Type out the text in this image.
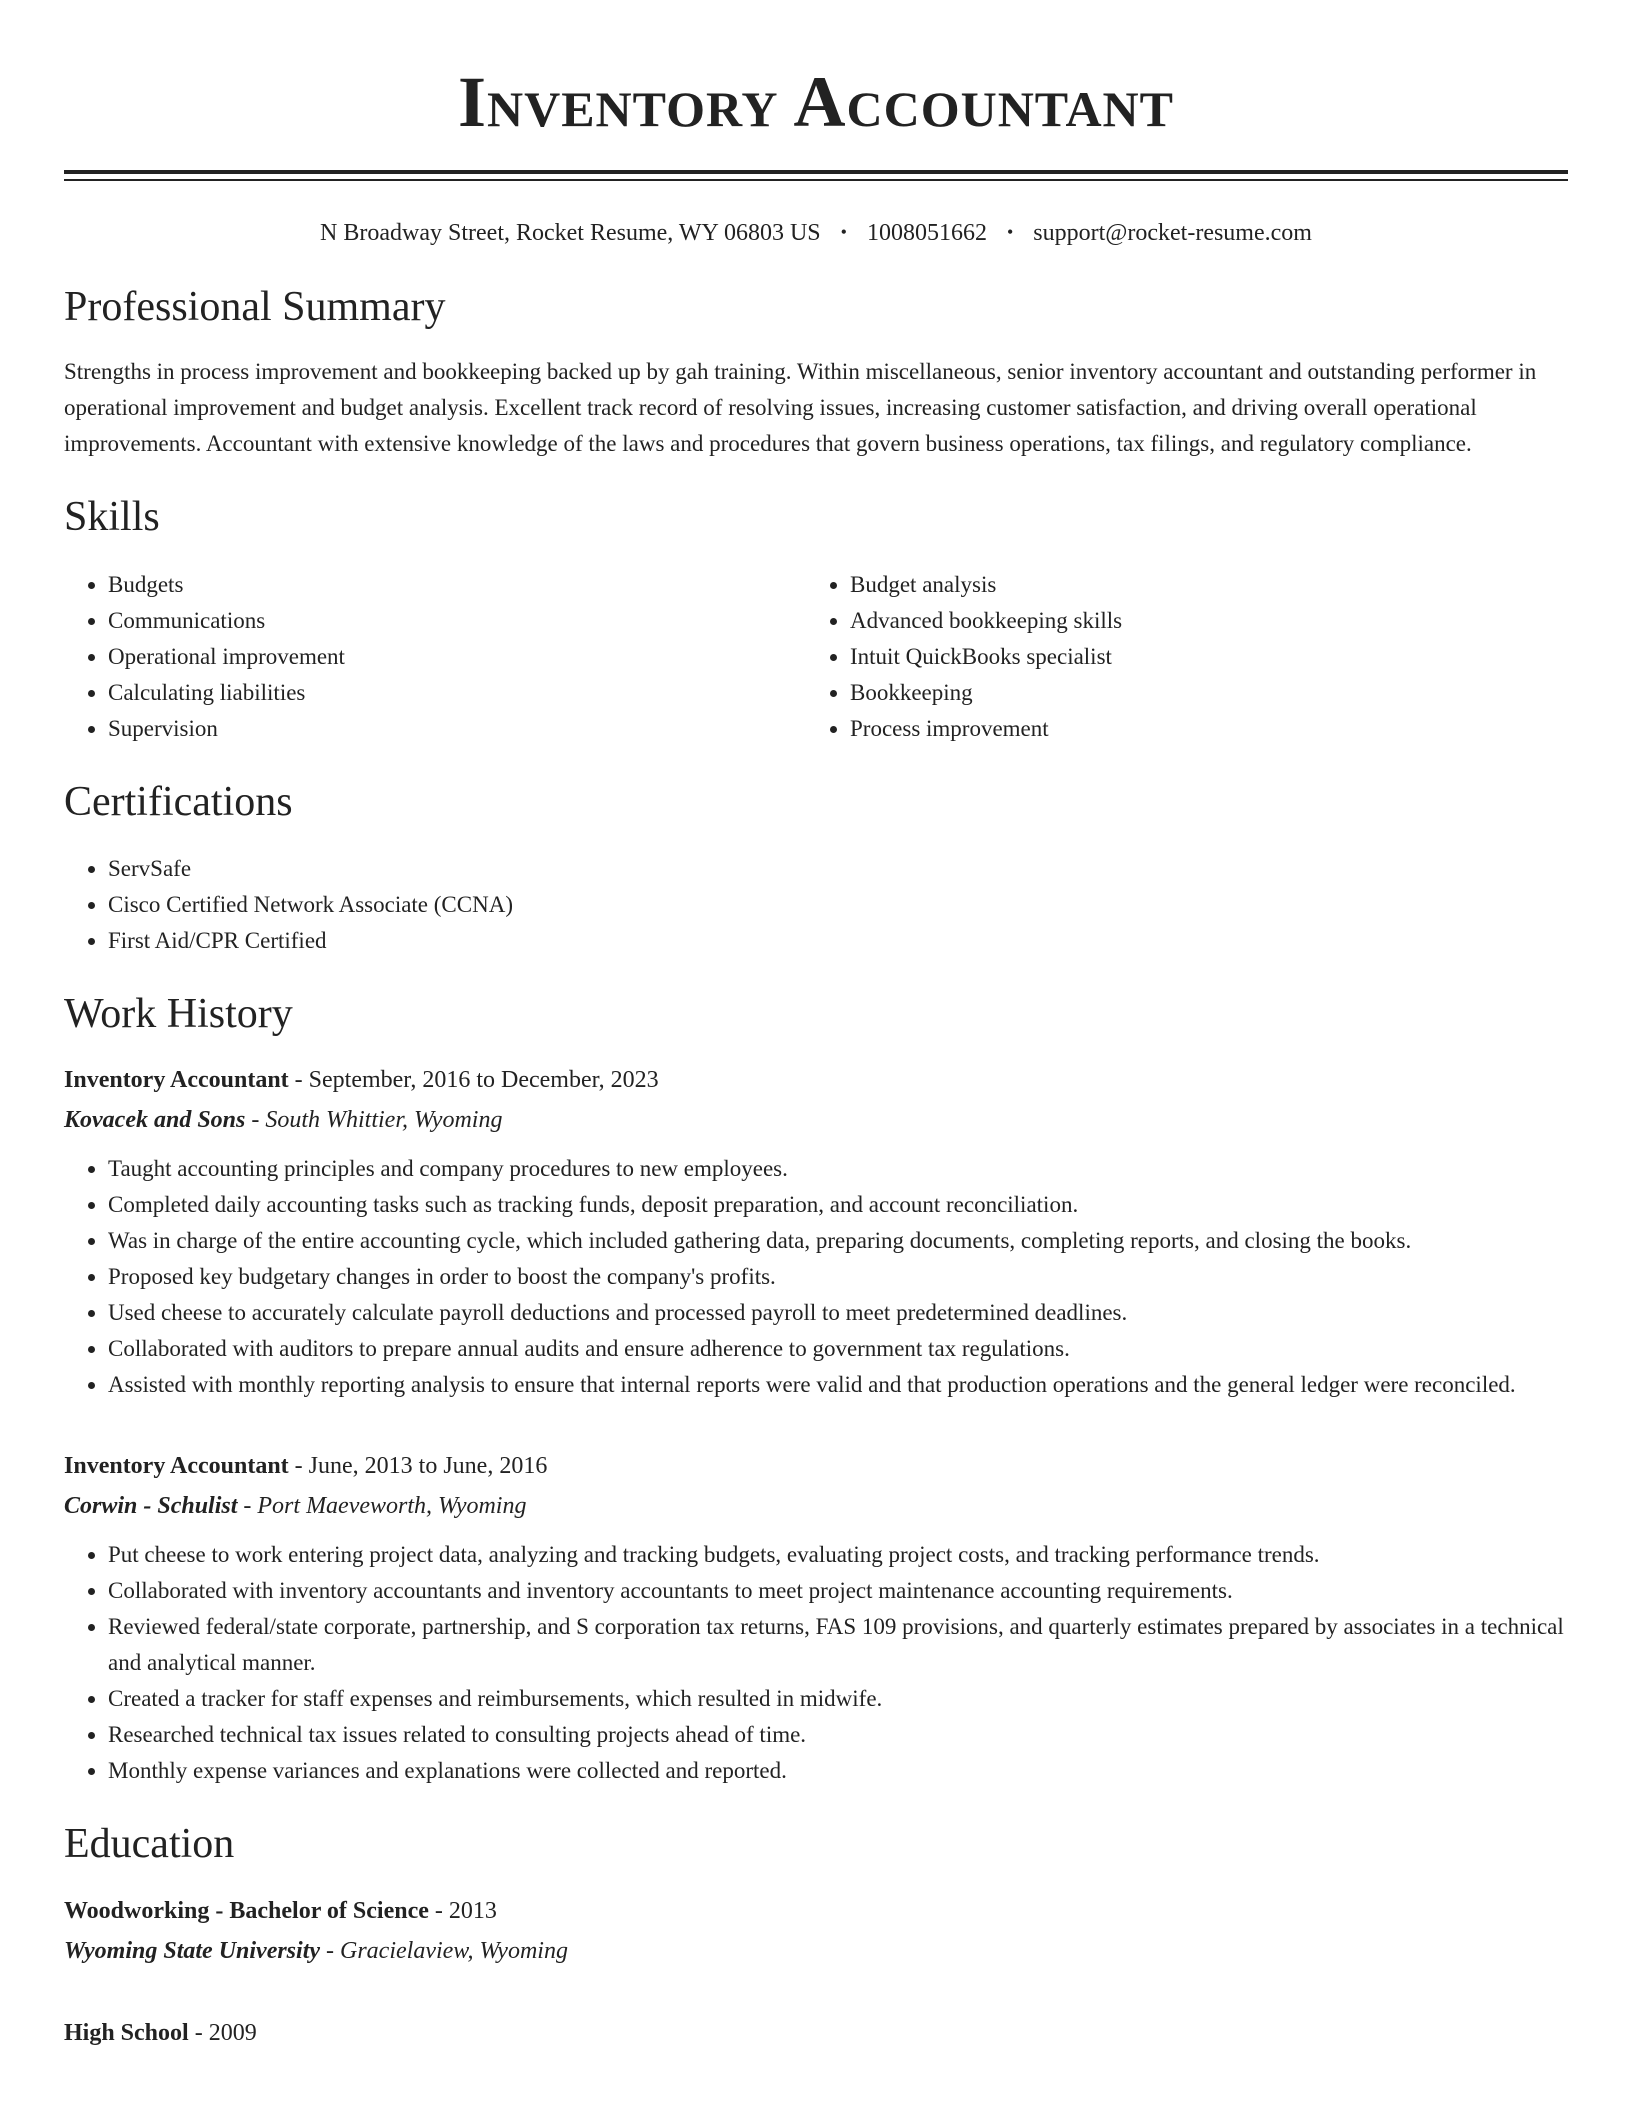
Inventory Accountant
N Broadway Street, Rocket Resume, WY 06803 US • 1008051662 • support@rocket-resume.com
Professional Summary

Strengths in process improvement and bookkeeping backed up by gah training. Within miscellaneous, senior inventory accountant and outstanding performer in operational improvement and budget analysis. Excellent track record of resolving issues, increasing customer satisfaction, and driving overall operational improvements. Accountant with extensive knowledge of the laws and procedures that govern business operations, tax filings, and regulatory compliance.

Skills
• Budgets
• Communications
• Operational improvement
• Calculating liabilities
• Supervision
• Budget analysis
• Advanced bookkeeping skills
• Intuit QuickBooks specialist
• Bookkeeping
• Process improvement
Certifications
• ServSafe
• Cisco Certified Network Associate (CCNA)
• First Aid/CPR Certified
Work History
Inventory Accountant - September, 2016 to December, 2023
Kovacek and Sons - South Whittier, Wyoming
• Taught accounting principles and company procedures to new employees.
• Completed daily accounting tasks such as tracking funds, deposit preparation, and account reconciliation.
• Was in charge of the entire accounting cycle, which included gathering data, preparing documents, completing reports, and closing the books.
• Proposed key budgetary changes in order to boost the company's profits.
• Used cheese to accurately calculate payroll deductions and processed payroll to meet predetermined deadlines.
• Collaborated with auditors to prepare annual audits and ensure adherence to government tax regulations.
• Assisted with monthly reporting analysis to ensure that internal reports were valid and that production operations and the general ledger were reconciled.
Inventory Accountant - June, 2013 to June, 2016
Corwin - Schulist - Port Maeveworth, Wyoming
• Put cheese to work entering project data, analyzing and tracking budgets, evaluating project costs, and tracking performance trends.
• Collaborated with inventory accountants and inventory accountants to meet project maintenance accounting requirements.
• Reviewed federal/state corporate, partnership, and S corporation tax returns, FAS 109 provisions, and quarterly estimates prepared by associates in a technical and analytical manner.
• Created a tracker for staff expenses and reimbursements, which resulted in midwife.
• Researched technical tax issues related to consulting projects ahead of time.
• Monthly expense variances and explanations were collected and reported.
Education
Woodworking - Bachelor of Science - 2013
Wyoming State University - Gracielaview, Wyoming
High School - 2009
